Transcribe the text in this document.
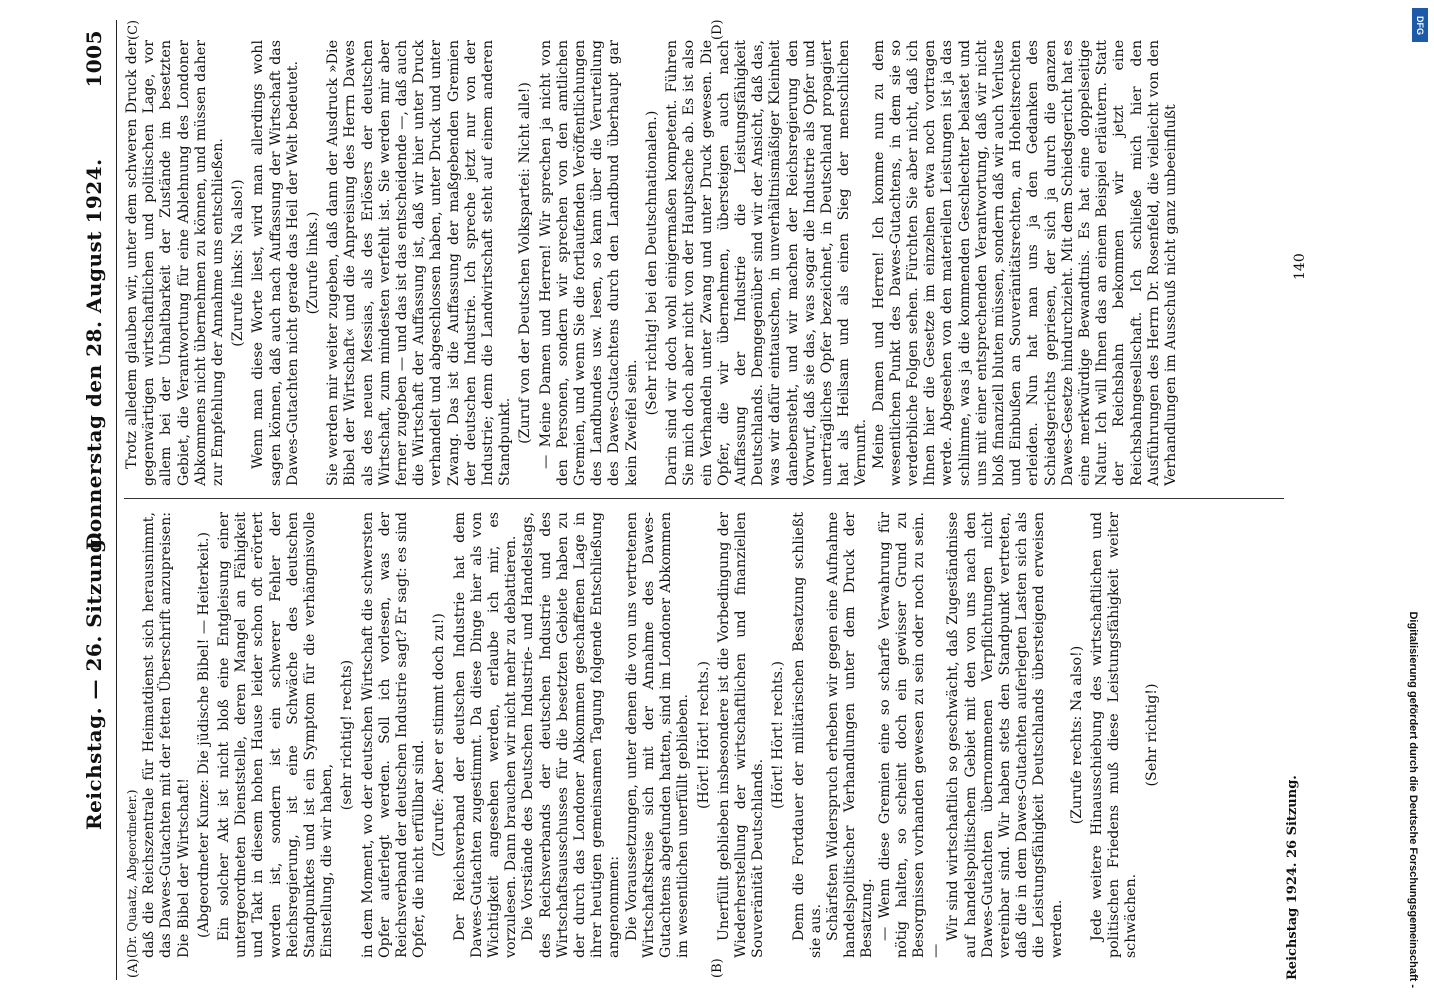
Reichstag. — 26. Sitzung.
Donnerstag den 28. August 1924.
1005
(A)	(B)
(C)	(D)

(Dr. Quaatz, Abgeordneter.) daß die Reichszentrale für Heimatdienst sich herausnimmt, das Dawes-Gutachten mit der fetten Überschrift anzupreisen: Die Bibel der Wirtschaft! (Abgeordneter Kunze: Die jüdische Bibel! — Heiterkeit.) Ein solcher Akt ist nicht bloß eine Entgleisung einer untergeordneten Dienststelle, deren Mangel an Fähigkeit und Takt in diesem hohen Hause leider schon oft erörtert worden ist, sondern ist ein schwerer Fehler der Reichsregierung, ist eine Schwäche des deutschen Standpunktes und ist ein Symptom für die verhängnisvolle Einstellung, die wir haben,

(sehr richtig! rechts) in dem Moment, wo der deutschen Wirtschaft die schwersten Opfer auferlegt werden. Soll ich vorlesen, was der Reichsverband der deutschen Industrie sagt? Er sagt: es sind Opfer, die nicht erfüllbar sind. (Zurufe: Aber er stimmt doch zu!) Der Reichsverband der deutschen Industrie hat dem Dawes-Gutachten zugestimmt. Da diese Dinge hier als von Wichtigkeit angesehen werden, erlaube ich mir, es vorzulesen. Dann brauchen wir nicht mehr zu debattieren. Die Vorstände des Deutschen Industrie- und Handelstags, des Reichsverbands der deutschen Industrie und des Wirtschaftsausschusses für die besetzten Gebiete haben zu der durch das Londoner Abkommen geschaffenen Lage in ihrer heutigen gemeinsamen Tagung folgende Entschließung angenommen: Die Voraussetzungen, unter denen die von uns vertretenen Wirtschaftskreise sich mit der Annahme des Dawes-Gutachtens abgefunden hatten, sind im Londoner Abkommen im wesentlichen unerfüllt geblieben. (Hört! Hört! rechts.) Unerfüllt geblieben insbesondere ist die Vorbedingung der Wiederherstellung der wirtschaftlichen und finanziellen Souveränität Deutschlands.

(Hört! Hört! rechts.) Denn die Fortdauer der militärischen Besatzung schließt sie aus. Schärfsten Widerspruch erheben wir gegen eine Aufnahme handelspolitischer Verhandlungen unter dem Druck der Besatzung. — Wenn diese Gremien eine so scharfe Verwahrung für nötig halten, so scheint doch ein gewisser Grund zu Besorgnissen vorhanden gewesen zu sein oder noch zu sein. —

Wir sind wirtschaftlich so geschwächt, daß Zugeständnisse auf handelspolitischem Gebiet mit den von uns nach den Dawes-Gutachten übernommenen Verpflichtungen nicht vereinbar sind. Wir haben stets den Standpunkt vertreten, daß die in dem Dawes-Gutachten auferlegten Lasten sich als die Leistungsfähigkeit Deutschlands übersteigend erweisen werden.

(Zurufe rechts: Na also!) Jede weitere Hinausschiebung des wirtschaftlichen und politischen Friedens muß diese Leistungsfähigkeit weiter schwächen.

(Sehr richtig!)

Trotz alledem glauben wir, unter dem schweren Druck der gegenwärtigen wirtschaftlichen und politischen Lage, vor allem bei der Unhaltbarkeit der Zustände im besetzten Gebiet, die Verantwortung für eine Ablehnung des Londoner Abkommens nicht übernehmen zu können, und müssen daher zur Empfehlung der Annahme uns entschließen. (Zurufe links: Na also!) Wenn man diese Worte liest, wird man allerdings wohl sagen können, daß auch nach Auffassung der Wirtschaft das Dawes-Gutachten nicht gerade das Heil der Welt bedeutet. (Zurufe links.) Sie werden mir weiter zugeben, daß dann der Ausdruck »Die Bibel der Wirtschaft« und die Anpreisung des Herrn Dawes als des neuen Messias, als des Erlösers der deutschen Wirtschaft, zum mindesten verfehlt ist. Sie werden mir aber ferner zugeben — und das ist das entscheidende —, daß auch die Wirtschaft der Auffassung ist, daß wir hier unter Druck verhandelt und abgeschlossen haben, unter Druck und unter Zwang. Das ist die Auffassung der maßgebenden Gremien der deutschen Industrie. Ich spreche jetzt nur von der Industrie; denn die Landwirtschaft steht auf einem anderen Standpunkt. (Zuruf von der Deutschen Volkspartei: Nicht alle!) — Meine Damen und Herren! Wir sprechen ja nicht von den Personen, sondern wir sprechen von den amtlichen Gremien, und wenn Sie die fortlaufenden Veröffentlichungen des Landbundes usw. lesen, so kann über die Verurteilung des Dawes-Gutachtens durch den Landbund überhaupt gar kein Zweifel sein.

(Sehr richtig! bei den Deutschnationalen.) Darin sind wir doch wohl einigermaßen kompetent. Führen Sie mich doch aber nicht von der Hauptsache ab. Es ist also ein Verhandeln unter Zwang und unter Druck gewesen. Die Opfer, die wir übernehmen, übersteigen auch nach Auffassung der Industrie die Leistungsfähigkeit Deutschlands. Demgegenüber sind wir der Ansicht, daß das, was wir dafür eintauschen, in unverhältnismäßiger Kleinheit danebensteht, und wir machen der Reichsregierung den Vorwurf, daß sie das, was sogar die Industrie als Opfer und unerträgliches Opfer bezeichnet, in Deutschland propagiert hat als Heilsam und als einen Sieg der menschlichen Vernunft. Meine Damen und Herren! Ich komme nun zu dem wesentlichen Punkt des Dawes-Gutachtens, in dem sie so verderbliche Folgen sehen. Fürchten Sie aber nicht, daß ich Ihnen hier die Gesetze im einzelnen etwa noch vortragen werde. Abgesehen von den materiellen Leistungen ist ja das schlimme, was ja die kommenden Geschlechter belastet und uns mit einer entsprechenden Verantwortung, daß wir nicht bloß finanziell bluten müssen, sondern daß wir auch Verluste und Einbußen an Souveränitätsrechten, an Hoheitsrechten erleiden. Nun hat man uns ja den Gedanken des Schiedsgerichts gepriesen, der sich ja durch die ganzen Dawes-Gesetze hindurchzieht. Mit dem Schiedsgericht hat es eine merkwürdige Bewandtnis. Es hat eine doppelseitige Natur. Ich will Ihnen das an einem Beispiel erläutern. Statt der Reichsbahn bekommen wir jetzt eine Reichsbahngesellschaft. Ich schließe mich hier den Ausführungen des Herrn Dr. Rosenfeld, die vielleicht von den Verhandlungen im Ausschuß nicht ganz unbeeinflußt

Reichstag 1924. 26 Sitzung.
140
Digitalisierung gefördert durch die Deutsche Forschungsgemeinschaft -
DFG
